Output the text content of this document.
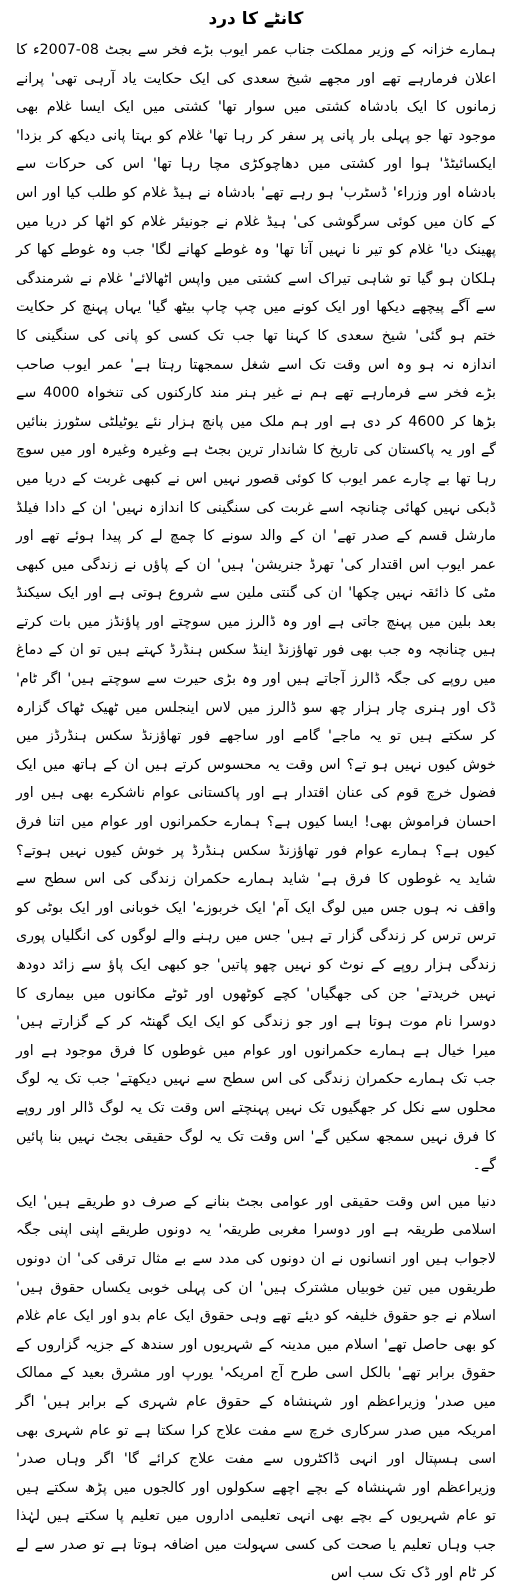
کانٹے کا درد

ہمارے خزانہ کے وزیر مملکت جناب عمر ایوب بڑے فخر سے بجٹ 08-2007ء کا اعلان فرمارہے تھے اور مجھے شیخ سعدی کی ایک حکایت یاد آرہی تھی' پرانے زمانوں کا ایک بادشاہ کشتی میں سوار تھا' کشتی میں ایک ایسا غلام بھی موجود تھا جو پہلی بار پانی پر سفر کر رہا تھا' غلام کو بہتا پانی دیکھ کر بزدا' ایکسائیٹڈ' ہوا اور کشتی میں دھاچوکڑی مچا رہا تھا' اس کی حرکات سے بادشاہ اور وزراء' ڈسٹرب' ہو رہے تھے' بادشاہ نے ہیڈ غلام کو طلب کیا اور اس کے کان میں کوئی سرگوشی کی' ہیڈ غلام نے جونیئر غلام کو اٹھا کر دریا میں پھینک دیا' غلام کو تیر نا نہیں آتا تھا' وہ غوطے کھانے لگا' جب وہ غوطے کھا کر ہلکان ہو گیا تو شاہی تیراک اسے کشتی میں واپس اٹھالائے' غلام نے شرمندگی سے آگے پیچھے دیکھا اور ایک کونے میں چپ چاپ بیٹھ گیا' یہاں پہنچ کر حکایت ختم ہو گئی' شیخ سعدی کا کہنا تھا جب تک کسی کو پانی کی سنگینی کا اندازہ نہ ہو وہ اس وقت تک اسے شغل سمجھتا رہتا ہے' عمر ایوب صاحب بڑے فخر سے فرمارہے تھے ہم نے غیر ہنر مند کارکنوں کی تنخواہ 4000 سے بڑھا کر 4600 کر دی ہے اور ہم ملک میں پانچ ہزار نئے یوٹیلٹی سٹورز بنائیں گے اور یہ پاکستان کی تاریخ کا شاندار ترین بجٹ ہے وغیرہ وغیرہ اور میں سوچ رہا تھا بے چارے عمر ایوب کا کوئی قصور نہیں اس نے کبھی غربت کے دریا میں ڈبکی نہیں کھائی چنانچہ اسے غربت کی سنگینی کا اندازہ نہیں' ان کے دادا فیلڈ مارشل قسم کے صدر تھے' ان کے والد سونے کا چمچ لے کر پیدا ہوئے تھے اور عمر ایوب اس اقتدار کی' تھرڈ جنریشن' ہیں' ان کے پاؤں نے زندگی میں کبھی مٹی کا ذائقہ نہیں چکھا' ان کی گنتی ملین سے شروع ہوتی ہے اور ایک سیکنڈ بعد بلین میں پہنچ جاتی ہے اور وہ ڈالرز میں سوچتے اور پاؤنڈز میں بات کرتے ہیں چنانچہ وہ جب بھی فور تھاؤزنڈ اینڈ سکس ہنڈرڈ کہتے ہیں تو ان کے دماغ میں روپے کی جگہ ڈالرز آجاتے ہیں اور وہ بڑی حیرت سے سوچتے ہیں' اگر ٹام' ڈک اور ہنری چار ہزار چھ سو ڈالرز میں لاس اینجلس میں ٹھیک ٹھاک گزارہ کر سکتے ہیں تو یہ ماجے' گامے اور ساجھے فور تھاؤزنڈ سکس ہنڈرڈز میں خوش کیوں نہیں ہو تے؟ اس وقت یہ محسوس کرتے ہیں ان کے ہاتھ میں ایک فضول خرچ قوم کی عنان اقتدار ہے اور پاکستانی عوام ناشکرے بھی ہیں اور احسان فراموش بھی! ایسا کیوں ہے؟ ہمارے حکمرانوں اور عوام میں اتنا فرق کیوں ہے؟ ہمارے عوام فور تھاؤزنڈ سکس ہنڈرڈ پر خوش کیوں نہیں ہوتے؟ شاید یہ غوطوں کا فرق ہے' شاید ہمارے حکمران زندگی کی اس سطح سے واقف نہ ہوں جس میں لوگ ایک آم' ایک خربوزے' ایک خوبانی اور ایک بوٹی کو ترس ترس کر زندگی گزار تے ہیں' جس میں رہنے والے لوگوں کی انگلیاں پوری زندگی ہزار روپے کے نوٹ کو نہیں چھو پاتیں' جو کبھی ایک پاؤ سے زائد دودھ نہیں خریدتے' جن کی جھگیاں' کچے کوٹھوں اور ٹوٹے مکانوں میں بیماری کا دوسرا نام موت ہوتا ہے اور جو زندگی کو ایک ایک گھنٹہ کر کے گزارتے ہیں' میرا خیال ہے ہمارے حکمرانوں اور عوام میں غوطوں کا فرق موجود ہے اور جب تک ہمارے حکمران زندگی کی اس سطح سے نہیں دیکھتے' جب تک یہ لوگ محلوں سے نکل کر جھگیوں تک نہیں پہنچتے اس وقت تک یہ لوگ ڈالر اور روپے کا فرق نہیں سمجھ سکیں گے' اس وقت تک یہ لوگ حقیقی بجٹ نہیں بنا پائیں گے۔

دنیا میں اس وقت حقیقی اور عوامی بجٹ بنانے کے صرف دو طریقے ہیں' ایک اسلامی طریقہ ہے اور دوسرا مغربی طریقہ' یہ دونوں طریقے اپنی اپنی جگہ لاجواب ہیں اور انسانوں نے ان دونوں کی مدد سے بے مثال ترقی کی' ان دونوں طریقوں میں تین خوبیاں مشترک ہیں' ان کی پہلی خوبی یکساں حقوق ہیں' اسلام نے جو حقوق خلیفہ کو دیئے تھے وہی حقوق ایک عام بدو اور ایک عام غلام کو بھی حاصل تھے' اسلام میں مدینہ کے شہریوں اور سندھ کے جزیہ گزاروں کے حقوق برابر تھے' بالکل اسی طرح آج امریکہ' یورپ اور مشرق بعید کے ممالک میں صدر' وزیراعظم اور شہنشاہ کے حقوق عام شہری کے برابر ہیں' اگر امریکہ میں صدر سرکاری خرچ سے مفت علاج کرا سکتا ہے تو عام شہری بھی اسی ہسپتال اور انہی ڈاکٹروں سے مفت علاج کرائے گا' اگر وہاں صدر' وزیراعظم اور شہنشاہ کے بچے اچھے سکولوں اور کالجوں میں پڑھ سکتے ہیں تو عام شہریوں کے بچے بھی انہی تعلیمی اداروں میں تعلیم پا سکتے ہیں لہٰذا جب وہاں تعلیم یا صحت کی کسی سہولت میں اضافہ ہوتا ہے تو صدر سے لے کر ٹام اور ڈک تک سب اس
